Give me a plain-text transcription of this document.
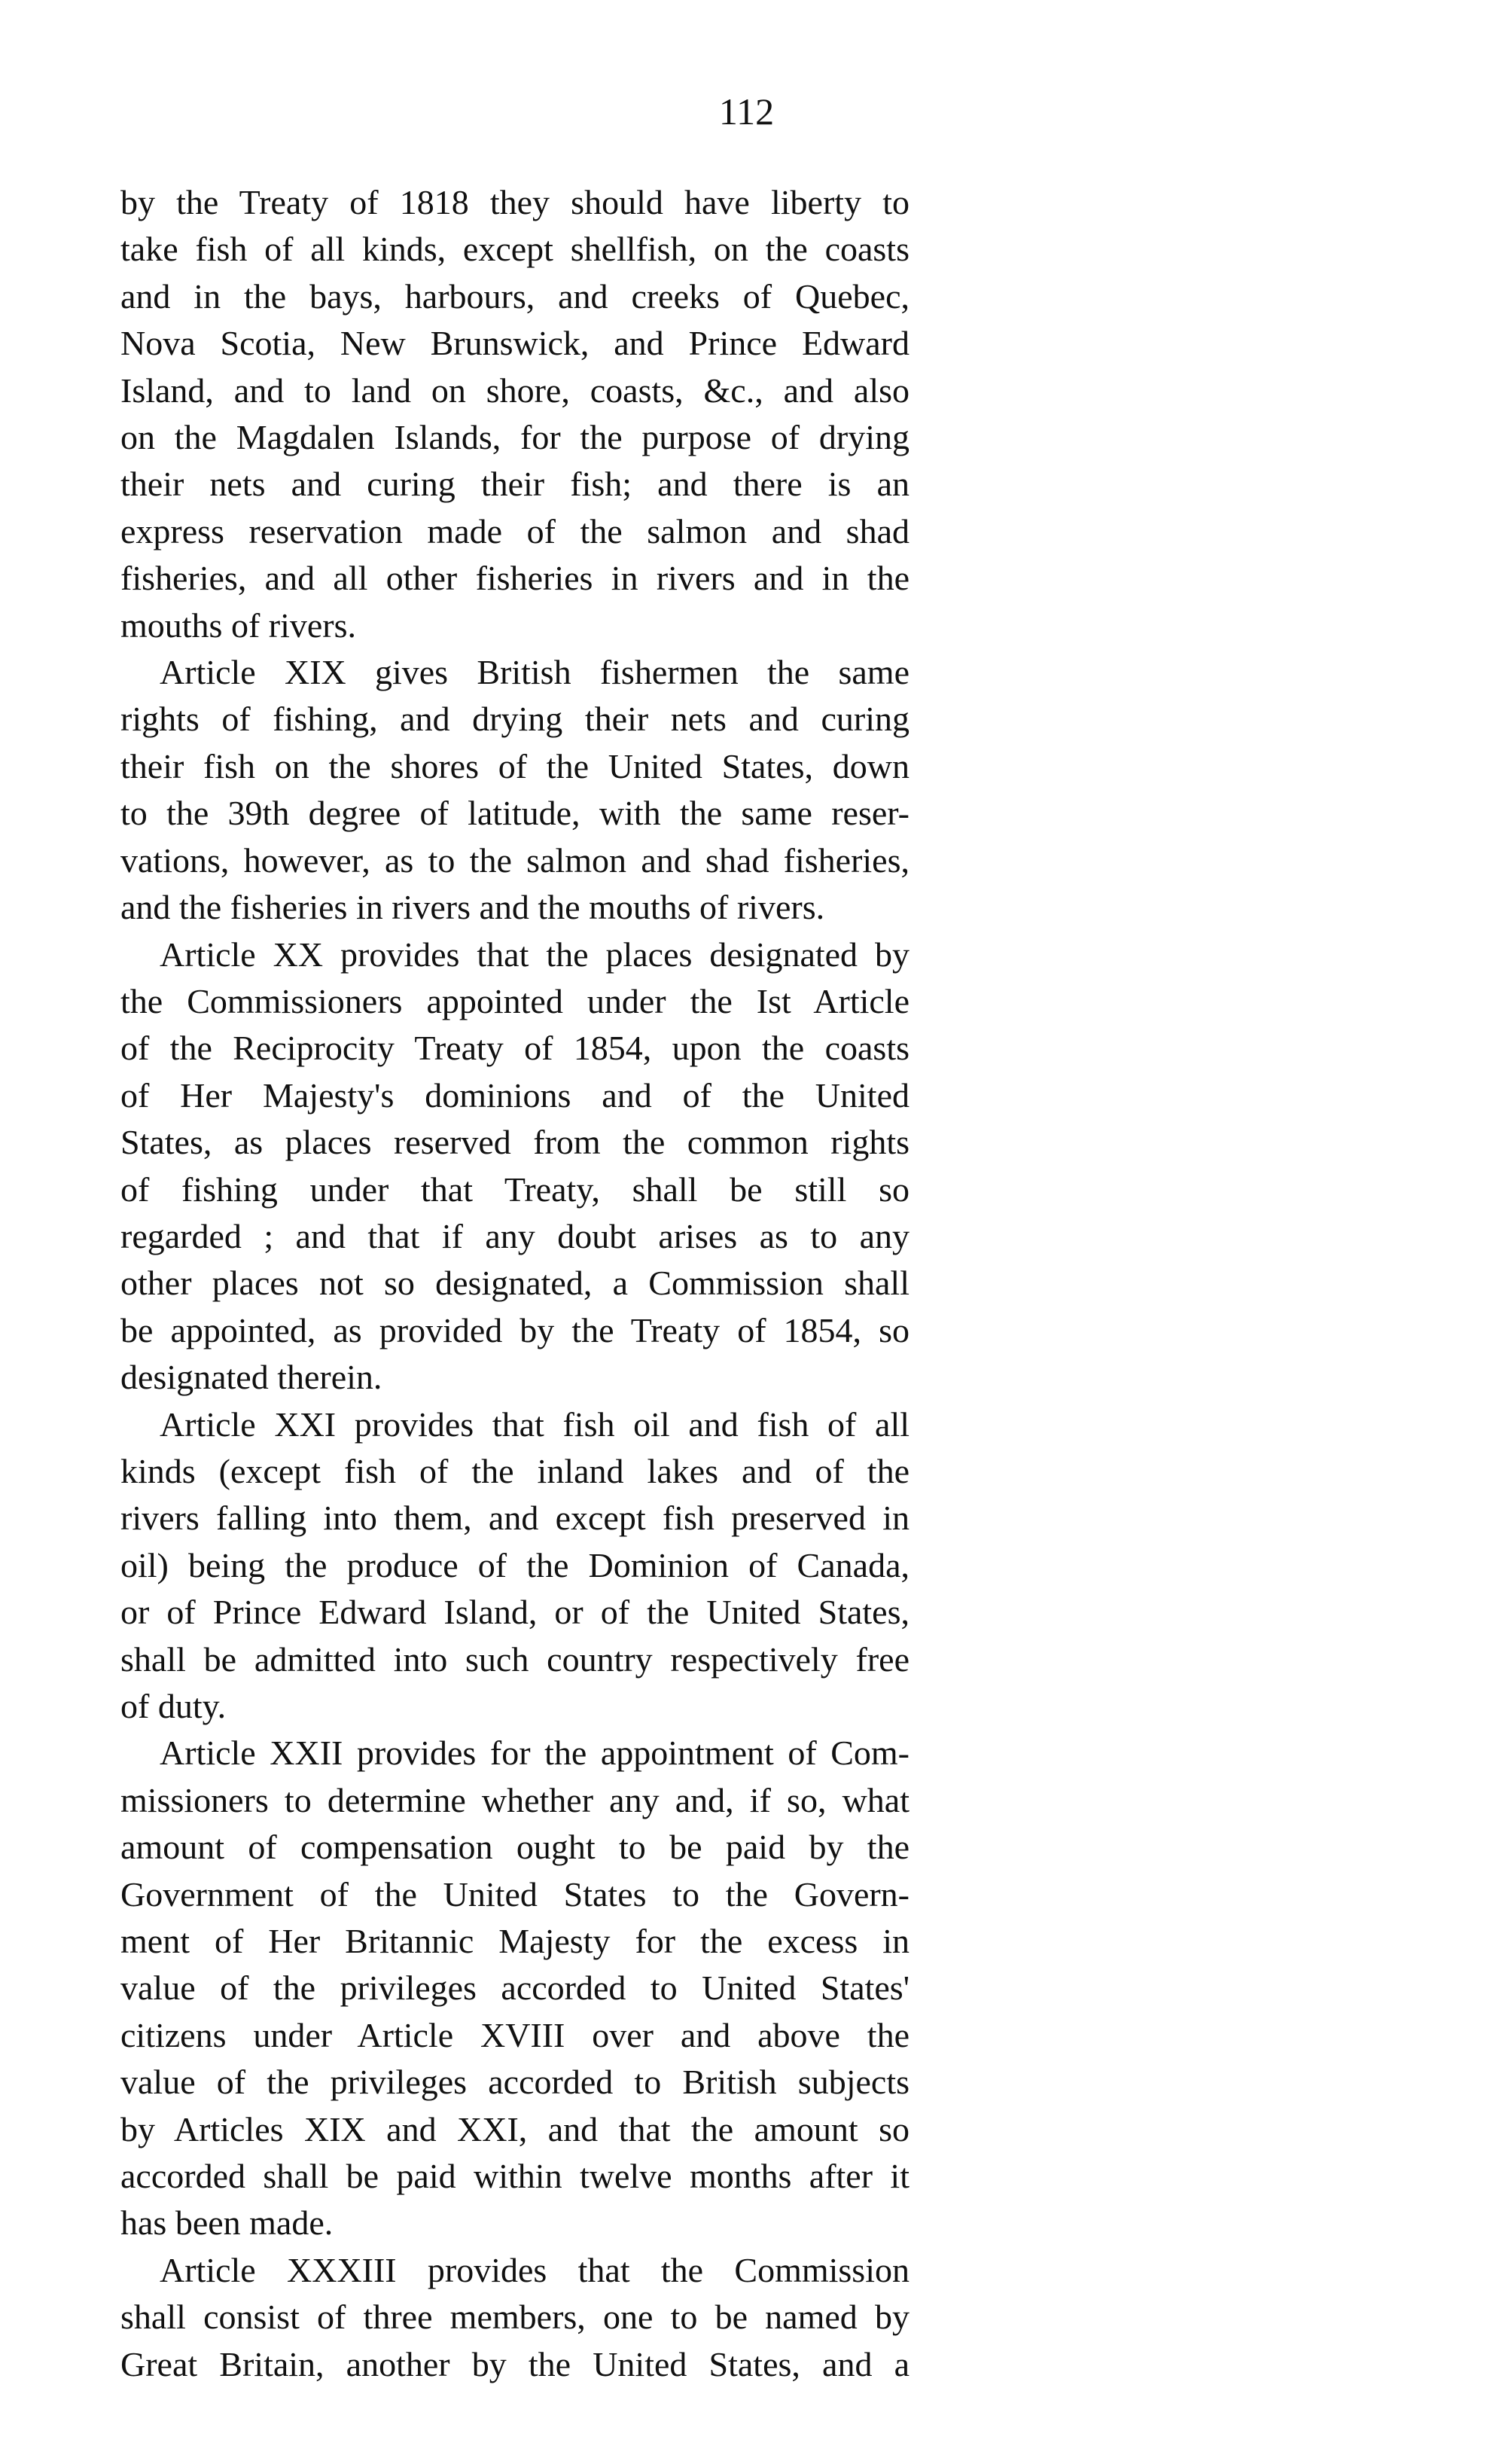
112
by the Treaty of 1818 they should have liberty to
take fish of all kinds, except shellfish, on the coasts
and in the bays, harbours, and creeks of Quebec,
Nova Scotia, New Brunswick, and Prince Edward
Island, and to land on shore, coasts, &c., and also
on the Magdalen Islands, for the purpose of drying
their nets and curing their fish; and there is an
express reservation made of the salmon and shad
fisheries, and all other fisheries in rivers and in the
mouths of rivers.
Article XIX gives British fishermen the same
rights of fishing, and drying their nets and curing
their fish on the shores of the United States, down
to the 39th degree of latitude, with the same reser-
vations, however, as to the salmon and shad fisheries,
and the fisheries in rivers and the mouths of rivers.
Article XX provides that the places designated by
the Commissioners appointed under the Ist Article
of the Reciprocity Treaty of 1854, upon the coasts
of Her Majesty's dominions and of the United
States, as places reserved from the common rights
of fishing under that Treaty, shall be still so
regarded ; and that if any doubt arises as to any
other places not so designated, a Commission shall
be appointed, as provided by the Treaty of 1854, so
designated therein.
Article XXI provides that fish oil and fish of all
kinds (except fish of the inland lakes and of the
rivers falling into them, and except fish preserved in
oil) being the produce of the Dominion of Canada,
or of Prince Edward Island, or of the United States,
shall be admitted into such country respectively free
of duty.
Article XXII provides for the appointment of Com-
missioners to determine whether any and, if so, what
amount of compensation ought to be paid by the
Government of the United States to the Govern-
ment of Her Britannic Majesty for the excess in
value of the privileges accorded to United States'
citizens under Article XVIII over and above the
value of the privileges accorded to British subjects
by Articles XIX and XXI, and that the amount so
accorded shall be paid within twelve months after it
has been made.
Article XXXIII provides that the Commission
shall consist of three members, one to be named by
Great Britain, another by the United States, and a
